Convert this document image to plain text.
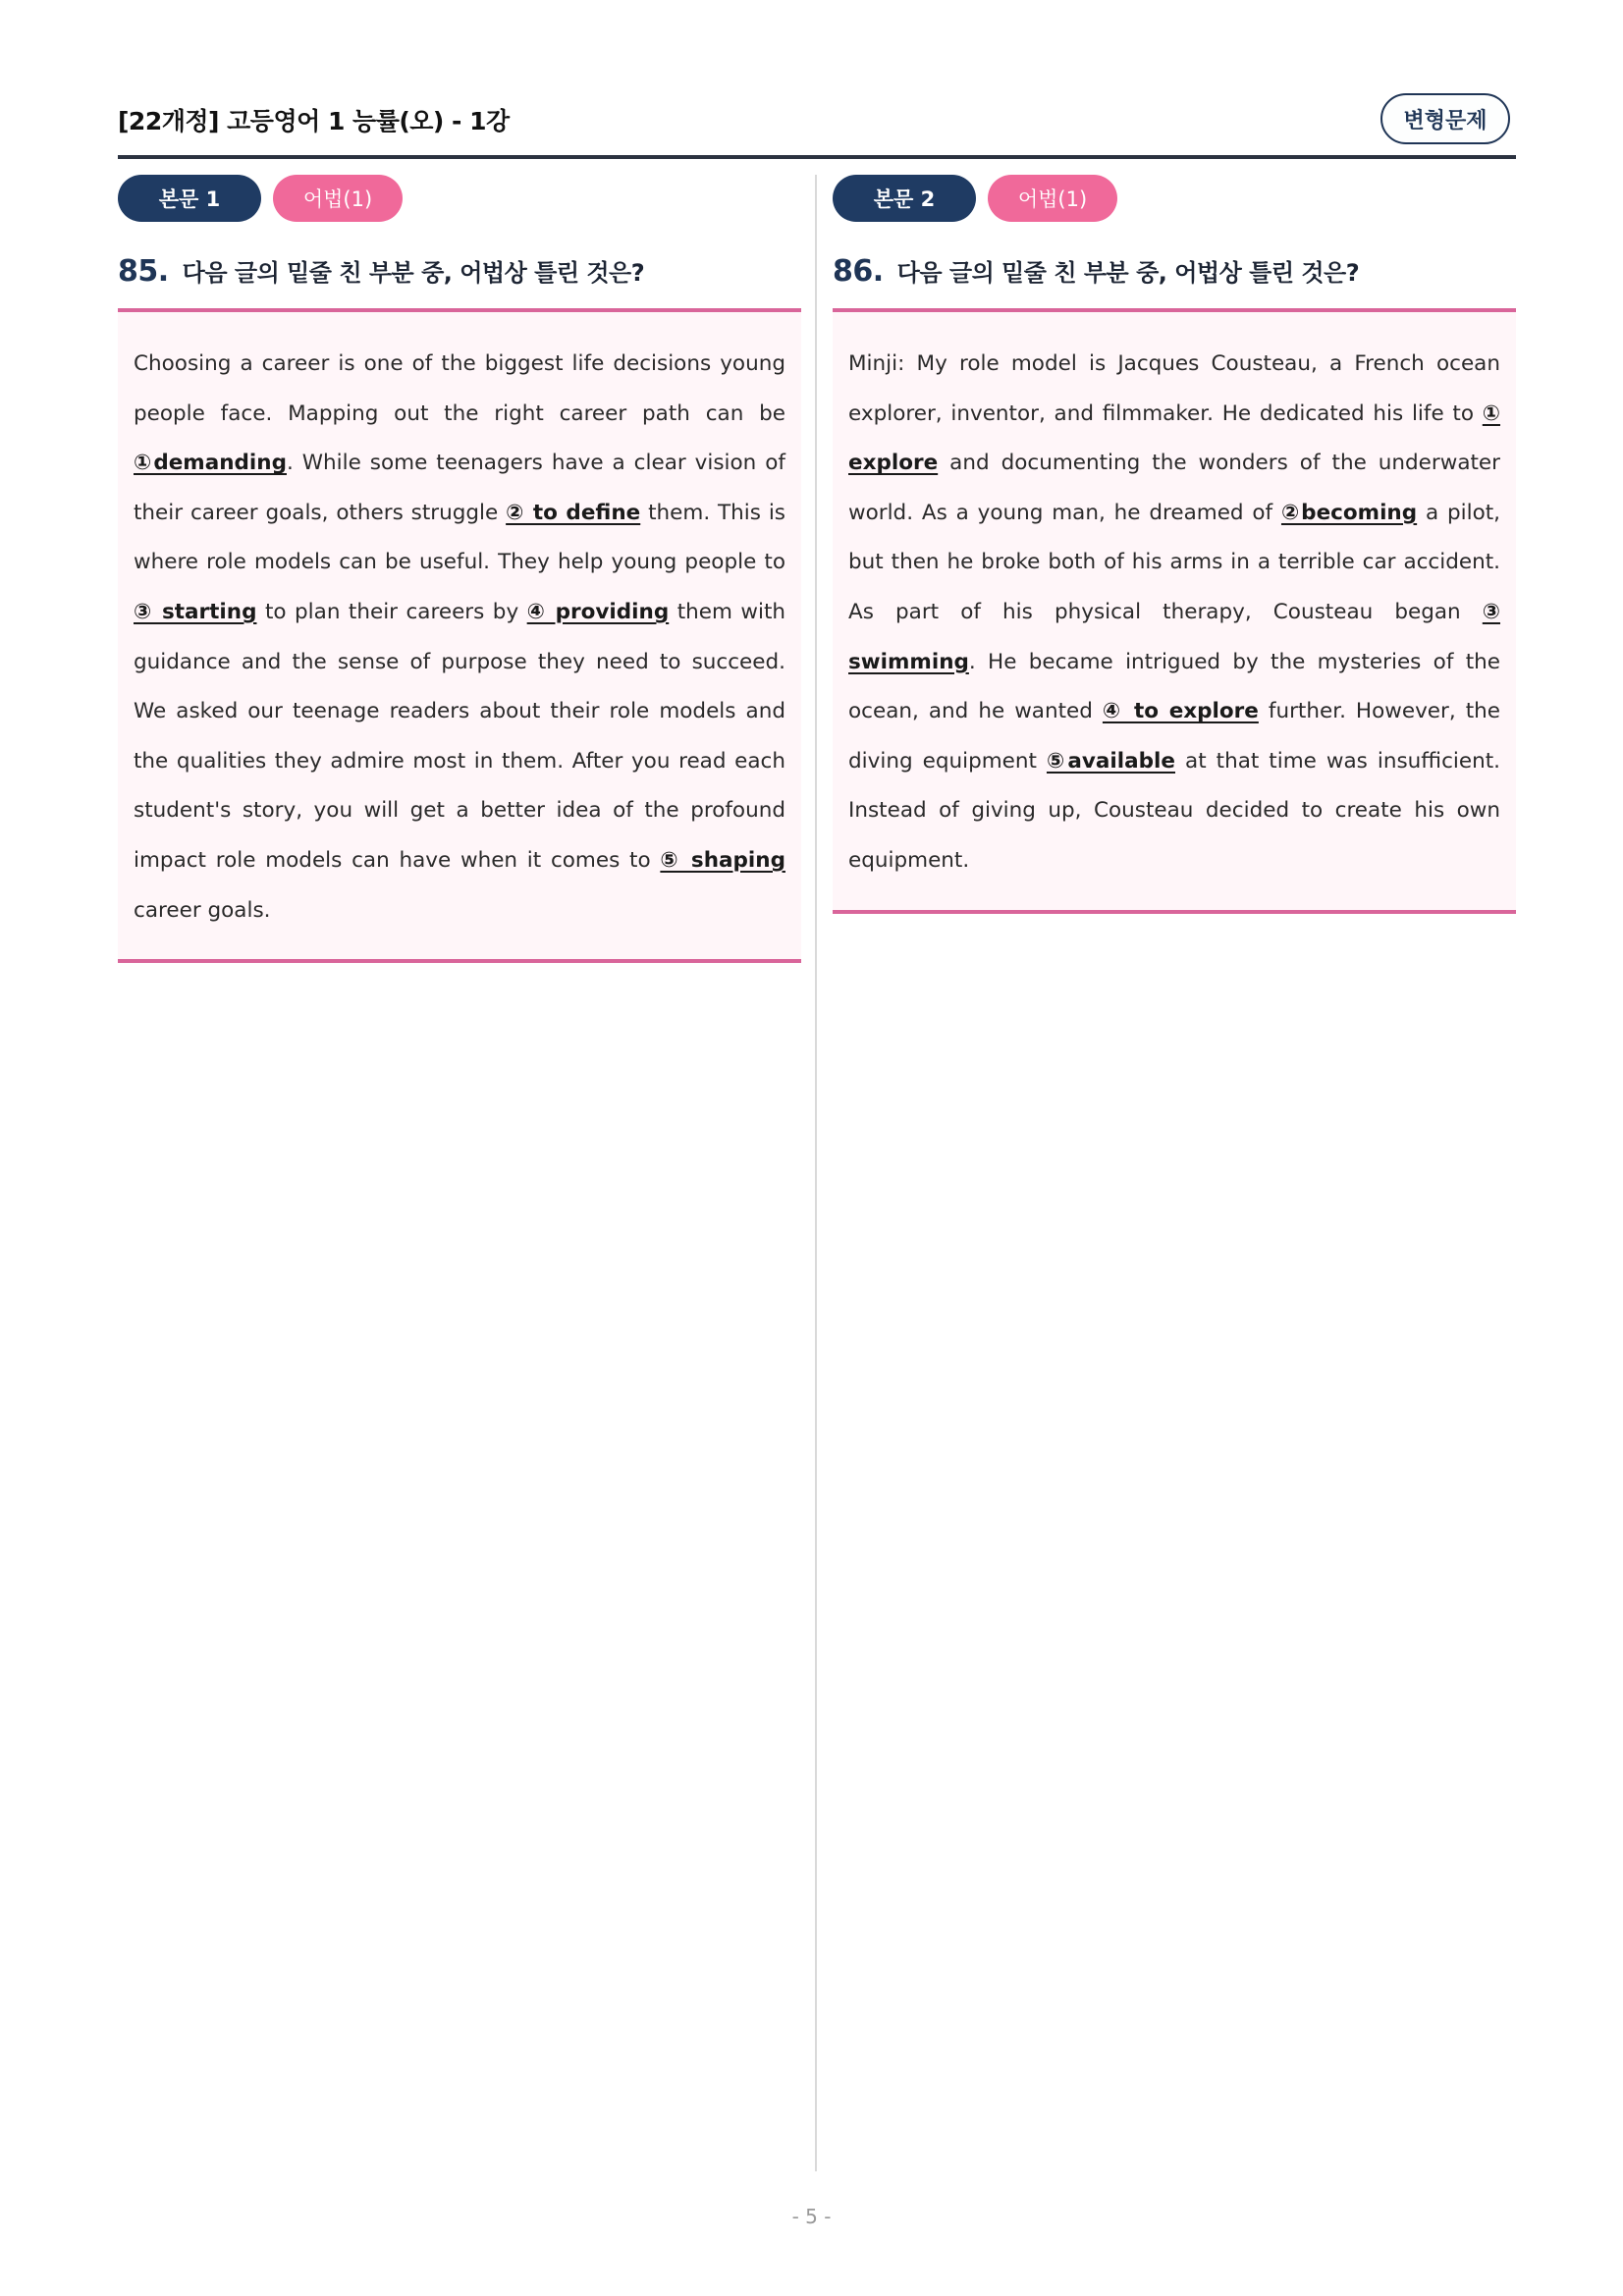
[22개정] 고등영어 1 능률(오) - 1강	변형문제
본문 1	어법(1)
85. 다음 글의 밑줄 친 부분 중, 어법상 틀린 것은?
Choosing a career is one of the biggest life decisions young people face. Mapping out the right career path can be ①demanding. While some teenagers have a clear vision of their career goals, others struggle ② to define them. This is where role models can be useful. They help young people to ③ starting to plan their careers by ④ providing them with guidance and the sense of purpose they need to succeed. We asked our teenage readers about their role models and the qualities they admire most in them. After you read each student's story, you will get a better idea of the profound impact role models can have when it comes to ⑤ shaping career goals.
본문 2	어법(1)
86. 다음 글의 밑줄 친 부분 중, 어법상 틀린 것은?
Minji: My role model is Jacques Cousteau, a French ocean explorer, inventor, and filmmaker. He dedicated his life to ① explore and documenting the wonders of the underwater world. As a young man, he dreamed of ②becoming a pilot, but then he broke both of his arms in a terrible car accident. As part of his physical therapy, Cousteau began ③ swimming. He became intrigued by the mysteries of the ocean, and he wanted ④ to explore further. However, the diving equipment ⑤available at that time was insufficient. Instead of giving up, Cousteau decided to create his own equipment.
- 5 -
